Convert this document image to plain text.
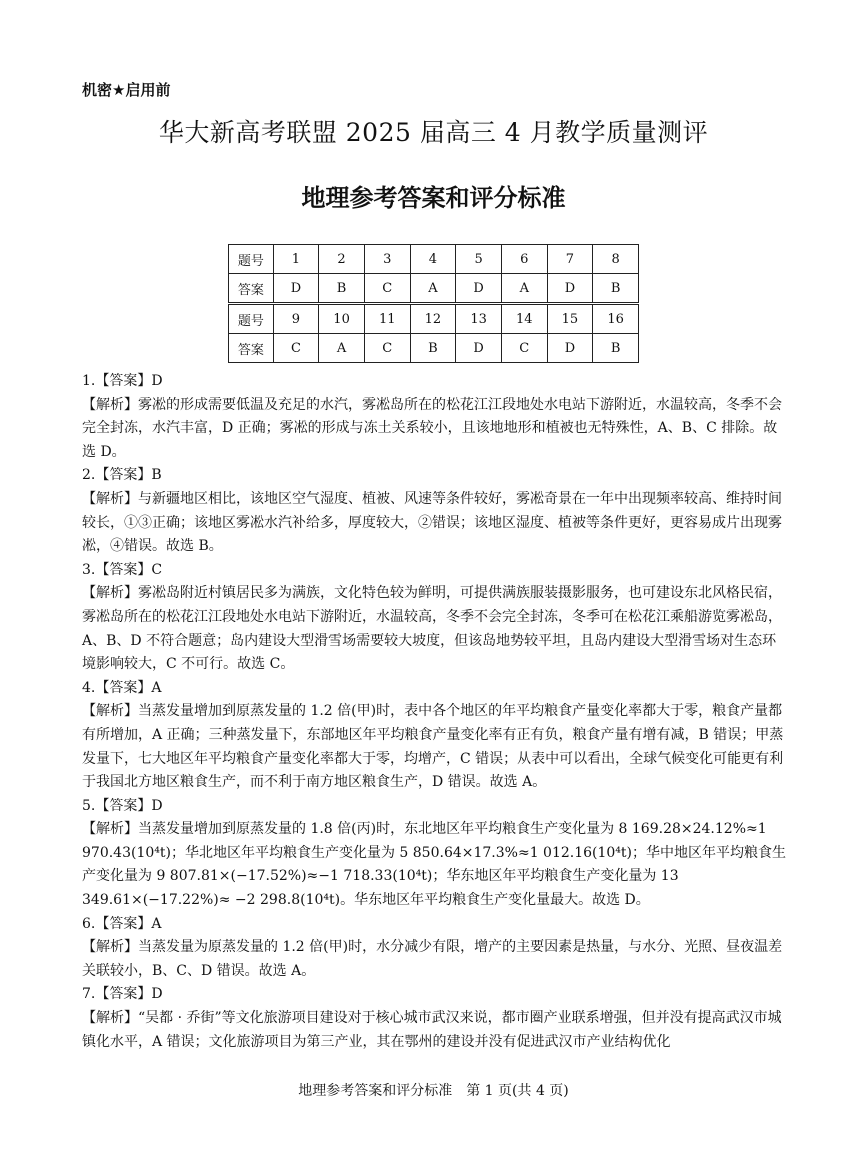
机密★启用前
华大新高考联盟 2025 届高三 4 月教学质量测评
地理参考答案和评分标准
题号	1	2	3	4	5	6	7	8
答案	D	B	C	A	D	A	D	B
题号	9	10	11	12	13	14	15	16
答案	C	A	C	B	D	C	D	B

1.【答案】D

【解析】雾凇的形成需要低温及充足的水汽，雾凇岛所在的松花江江段地处水电站下游附近，水温较高，冬季不会完全封冻，水汽丰富，D 正确；雾凇的形成与冻土关系较小，且该地地形和植被也无特殊性，A、B、C 排除。故选 D。

2.【答案】B

【解析】与新疆地区相比，该地区空气湿度、植被、风速等条件较好，雾凇奇景在一年中出现频率较高、维持时间较长，①③正确；该地区雾凇水汽补给多，厚度较大，②错误；该地区湿度、植被等条件更好，更容易成片出现雾凇，④错误。故选 B。

3.【答案】C

【解析】雾凇岛附近村镇居民多为满族，文化特色较为鲜明，可提供满族服装摄影服务，也可建设东北风格民宿，雾凇岛所在的松花江江段地处水电站下游附近，水温较高，冬季不会完全封冻，冬季可在松花江乘船游览雾凇岛，A、B、D 不符合题意；岛内建设大型滑雪场需要较大坡度，但该岛地势较平坦，且岛内建设大型滑雪场对生态环境影响较大，C 不可行。故选 C。

4.【答案】A

【解析】当蒸发量增加到原蒸发量的 1.2 倍(甲)时，表中各个地区的年平均粮食产量变化率都大于零，粮食产量都有所增加，A 正确；三种蒸发量下，东部地区年平均粮食产量变化率有正有负，粮食产量有增有减，B 错误；甲蒸发量下，七大地区年平均粮食产量变化率都大于零，均增产，C 错误；从表中可以看出，全球气候变化可能更有利于我国北方地区粮食生产，而不利于南方地区粮食生产，D 错误。故选 A。

5.【答案】D

【解析】当蒸发量增加到原蒸发量的 1.8 倍(丙)时，东北地区年平均粮食生产变化量为 8 169.28×24.12%≈1 970.43(10⁴t)；华北地区年平均粮食生产变化量为 5 850.64×17.3%≈1 012.16(10⁴t)；华中地区年平均粮食生产变化量为 9 807.81×(−17.52%)≈−1 718.33(10⁴t)；华东地区年平均粮食生产变化量为 13 349.61×(−17.22%)≈ −2 298.8(10⁴t)。华东地区年平均粮食生产变化量最大。故选 D。

6.【答案】A

【解析】当蒸发量为原蒸发量的 1.2 倍(甲)时，水分减少有限，增产的主要因素是热量，与水分、光照、昼夜温差关联较小，B、C、D 错误。故选 A。

7.【答案】D

【解析】“吴都 · 乔街”等文化旅游项目建设对于核心城市武汉来说，都市圈产业联系增强，但并没有提高武汉市城镇化水平，A 错误；文化旅游项目为第三产业，其在鄂州的建设并没有促进武汉市产业结构优化

地理参考答案和评分标准　第 1 页(共 4 页)
